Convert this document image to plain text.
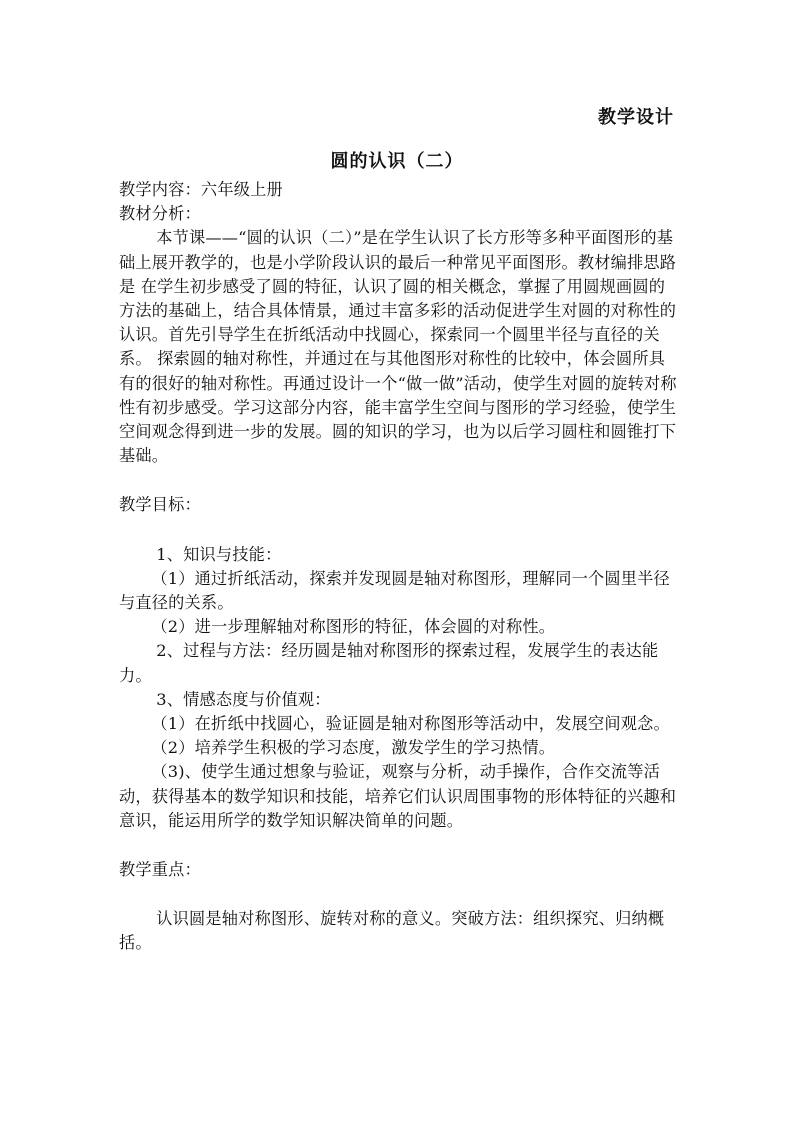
教学设计
圆的认识（二）

教学内容：六年级上册

教材分析：

本节课——“圆的认识（二）”是在学生认识了长方形等多种平面图形的基础上展开教学的，也是小学阶段认识的最后一种常见平面图形。教材编排思路是 在学生初步感受了圆的特征，认识了圆的相关概念，掌握了用圆规画圆的方法的基础上，结合具体情景，通过丰富多彩的活动促进学生对圆的对称性的认识。首先引导学生在折纸活动中找圆心，探索同一个圆里半径与直径的关系。 探索圆的轴对称性，并通过在与其他图形对称性的比较中，体会圆所具有的很好的轴对称性。再通过设计一个“做一做”活动，使学生对圆的旋转对称性有初步感受。学习这部分内容，能丰富学生空间与图形的学习经验，使学生空间观念得到进一步的发展。圆的知识的学习，也为以后学习圆柱和圆锥打下基础。

教学目标：

1、知识与技能：

（1）通过折纸活动，探索并发现圆是轴对称图形，理解同一个圆里半径与直径的关系。

（2）进一步理解轴对称图形的特征，体会圆的对称性。

2、过程与方法：经历圆是轴对称图形的探索过程，发展学生的表达能力。

3、情感态度与价值观：

（1）在折纸中找圆心，验证圆是轴对称图形等活动中，发展空间观念。

（2）培养学生积极的学习态度，激发学生的学习热情。

（3)、使学生通过想象与验证，观察与分析，动手操作，合作交流等活动，获得基本的数学知识和技能，培养它们认识周围事物的形体特征的兴趣和意识，能运用所学的数学知识解决简单的问题。

教学重点：

认识圆是轴对称图形、旋转对称的意义。突破方法：组织探究、归纳概括。
